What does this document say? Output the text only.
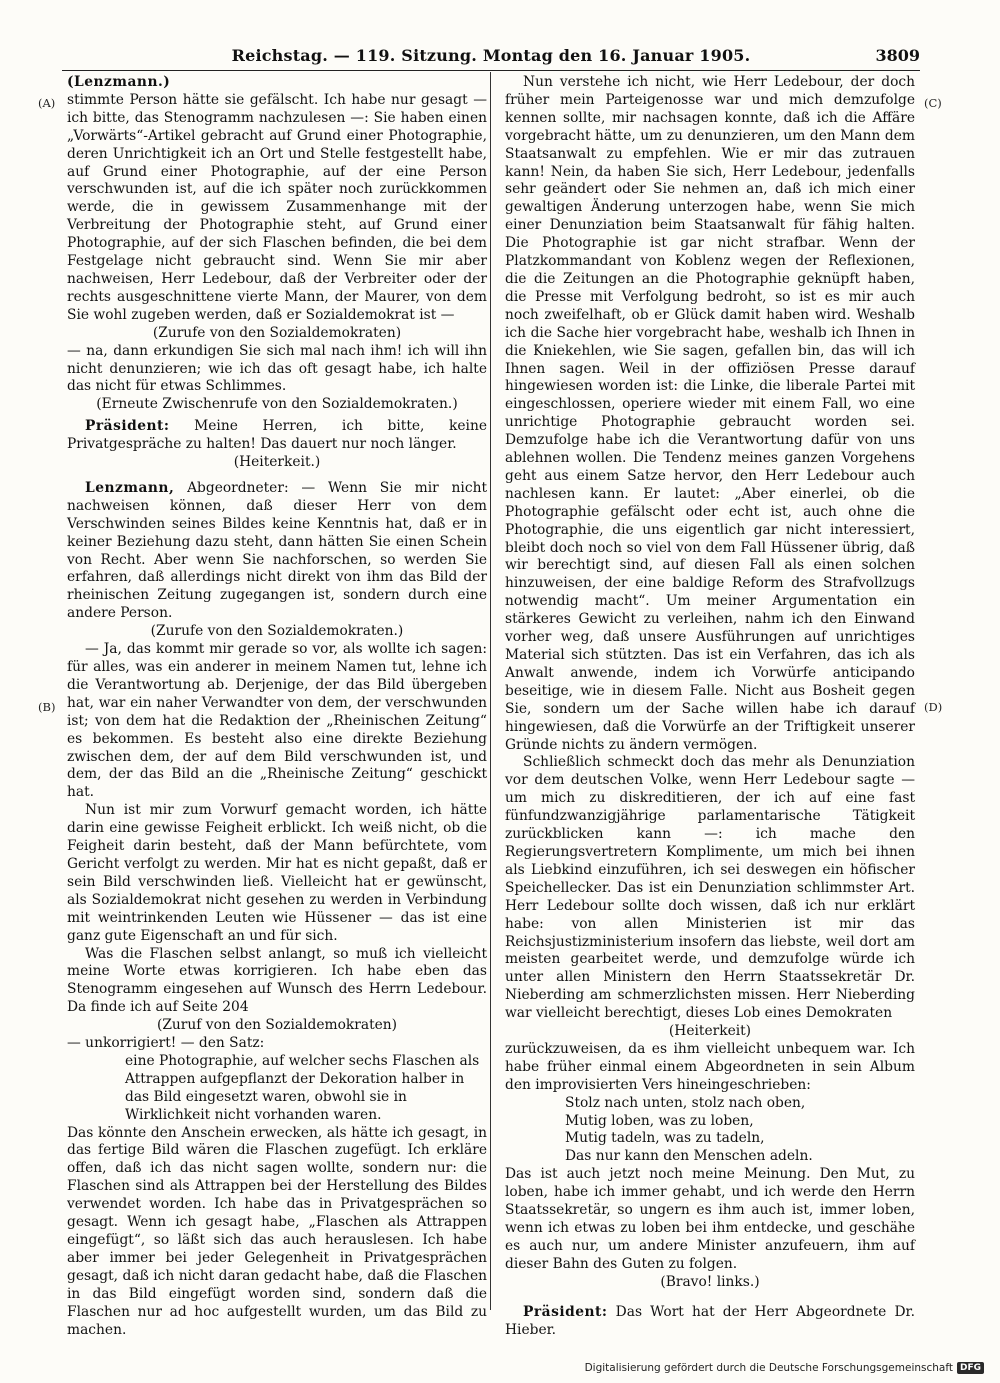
Reichstag. — 119. Sitzung. Montag den 16. Januar 1905.	3809
(A)
(B)
(C)
(D)

(Lenzmann.)

stimmte Person hätte sie gefälscht. Ich habe nur gesagt — ich bitte, das Stenogramm nachzulesen —: Sie haben einen „Vorwärts“-Artikel gebracht auf Grund einer Photographie, deren Unrichtigkeit ich an Ort und Stelle festgestellt habe, auf Grund einer Photographie, auf der eine Person verschwunden ist, auf die ich später noch zurückkommen werde, die in gewissem Zusammenhange mit der Verbreitung der Photographie steht, auf Grund einer Photographie, auf der sich Flaschen befinden, die bei dem Festgelage nicht gebraucht sind. Wenn Sie mir aber nachweisen, Herr Ledebour, daß der Verbreiter oder der rechts ausgeschnittene vierte Mann, der Maurer, von dem Sie wohl zugeben werden, daß er Sozialdemokrat ist —

(Zurufe von den Sozialdemokraten)

— na, dann erkundigen Sie sich mal nach ihm! ich will ihn nicht denunzieren; wie ich das oft gesagt habe, ich halte das nicht für etwas Schlimmes.

(Erneute Zwischenrufe von den Sozialdemokraten.)

Präsident: Meine Herren, ich bitte, keine Privatgespräche zu halten! Das dauert nur noch länger.

(Heiterkeit.)

Lenzmann, Abgeordneter: — Wenn Sie mir nicht nachweisen können, daß dieser Herr von dem Verschwinden seines Bildes keine Kenntnis hat, daß er in keiner Beziehung dazu steht, dann hätten Sie einen Schein von Recht. Aber wenn Sie nachforschen, so werden Sie erfahren, daß allerdings nicht direkt von ihm das Bild der rheinischen Zeitung zugegangen ist, sondern durch eine andere Person.

(Zurufe von den Sozialdemokraten.)

— Ja, das kommt mir gerade so vor, als wollte ich sagen: für alles, was ein anderer in meinem Namen tut, lehne ich die Verantwortung ab. Derjenige, der das Bild übergeben hat, war ein naher Verwandter von dem, der verschwunden ist; von dem hat die Redaktion der „Rheinischen Zeitung“ es bekommen. Es besteht also eine direkte Beziehung zwischen dem, der auf dem Bild verschwunden ist, und dem, der das Bild an die „Rheinische Zeitung“ geschickt hat.

Nun ist mir zum Vorwurf gemacht worden, ich hätte darin eine gewisse Feigheit erblickt. Ich weiß nicht, ob die Feigheit darin besteht, daß der Mann befürchtete, vom Gericht verfolgt zu werden. Mir hat es nicht gepaßt, daß er sein Bild verschwinden ließ. Vielleicht hat er gewünscht, als Sozialdemokrat nicht gesehen zu werden in Verbindung mit weintrinkenden Leuten wie Hüssener — das ist eine ganz gute Eigenschaft an und für sich.

Was die Flaschen selbst anlangt, so muß ich vielleicht meine Worte etwas korrigieren. Ich habe eben das Stenogramm eingesehen auf Wunsch des Herrn Ledebour. Da finde ich auf Seite 204

(Zuruf von den Sozialdemokraten)

— unkorrigiert! — den Satz:

eine Photographie, auf welcher sechs Flaschen als Attrappen aufgepflanzt der Dekoration halber in das Bild eingesetzt waren, obwohl sie in Wirklichkeit nicht vorhanden waren.

Das könnte den Anschein erwecken, als hätte ich gesagt, in das fertige Bild wären die Flaschen zugefügt. Ich erkläre offen, daß ich das nicht sagen wollte, sondern nur: die Flaschen sind als Attrappen bei der Herstellung des Bildes verwendet worden. Ich habe das in Privatgesprächen so gesagt. Wenn ich gesagt habe, „Flaschen als Attrappen eingefügt“, so läßt sich das auch herauslesen. Ich habe aber immer bei jeder Gelegenheit in Privatgesprächen gesagt, daß ich nicht daran gedacht habe, daß die Flaschen in das Bild eingefügt worden sind, sondern daß die Flaschen nur ad hoc aufgestellt wurden, um das Bild zu machen.

Nun verstehe ich nicht, wie Herr Ledebour, der doch früher mein Parteigenosse war und mich demzufolge kennen sollte, mir nachsagen konnte, daß ich die Affäre vorgebracht hätte, um zu denunzieren, um den Mann dem Staatsanwalt zu empfehlen. Wie er mir das zutrauen kann! Nein, da haben Sie sich, Herr Ledebour, jedenfalls sehr geändert oder Sie nehmen an, daß ich mich einer gewaltigen Änderung unterzogen habe, wenn Sie mich einer Denunziation beim Staatsanwalt für fähig halten. Die Photographie ist gar nicht strafbar. Wenn der Platzkommandant von Koblenz wegen der Reflexionen, die die Zeitungen an die Photographie geknüpft haben, die Presse mit Verfolgung bedroht, so ist es mir auch noch zweifelhaft, ob er Glück damit haben wird. Weshalb ich die Sache hier vorgebracht habe, weshalb ich Ihnen in die Kniekehlen, wie Sie sagen, gefallen bin, das will ich Ihnen sagen. Weil in der offiziösen Presse darauf hingewiesen worden ist: die Linke, die liberale Partei mit eingeschlossen, operiere wieder mit einem Fall, wo eine unrichtige Photographie gebraucht worden sei. Demzufolge habe ich die Verantwortung dafür von uns ablehnen wollen. Die Tendenz meines ganzen Vorgehens geht aus einem Satze hervor, den Herr Ledebour auch nachlesen kann. Er lautet: „Aber einerlei, ob die Photographie gefälscht oder echt ist, auch ohne die Photographie, die uns eigentlich gar nicht interessiert, bleibt doch noch so viel von dem Fall Hüssener übrig, daß wir berechtigt sind, auf diesen Fall als einen solchen hinzuweisen, der eine baldige Reform des Strafvollzugs notwendig macht“. Um meiner Argumentation ein stärkeres Gewicht zu verleihen, nahm ich den Einwand vorher weg, daß unsere Ausführungen auf unrichtiges Material sich stützten. Das ist ein Verfahren, das ich als Anwalt anwende, indem ich Vorwürfe anticipando beseitige, wie in diesem Falle. Nicht aus Bosheit gegen Sie, sondern um der Sache willen habe ich darauf hingewiesen, daß die Vorwürfe an der Triftigkeit unserer Gründe nichts zu ändern vermögen.

Schließlich schmeckt doch das mehr als Denunziation vor dem deutschen Volke, wenn Herr Ledebour sagte — um mich zu diskreditieren, der ich auf eine fast fünfundzwanzigjährige parlamentarische Tätigkeit zurückblicken kann —: ich mache den Regierungsvertretern Komplimente, um mich bei ihnen als Liebkind einzuführen, ich sei deswegen ein höfischer Speichellecker. Das ist ein Denunziation schlimmster Art. Herr Ledebour sollte doch wissen, daß ich nur erklärt habe: von allen Ministerien ist mir das Reichsjustizministerium insofern das liebste, weil dort am meisten gearbeitet werde, und demzufolge würde ich unter allen Ministern den Herrn Staatssekretär Dr. Nieberding am schmerzlichsten missen. Herr Nieberding war vielleicht berechtigt, dieses Lob eines Demokraten

(Heiterkeit)

zurückzuweisen, da es ihm vielleicht unbequem war. Ich habe früher einmal einem Abgeordneten in sein Album den improvisierten Vers hineingeschrieben:

Stolz nach unten, stolz nach oben,

Mutig loben, was zu loben,

Mutig tadeln, was zu tadeln,

Das nur kann den Menschen adeln.

Das ist auch jetzt noch meine Meinung. Den Mut, zu loben, habe ich immer gehabt, und ich werde den Herrn Staatssekretär, so ungern es ihm auch ist, immer loben, wenn ich etwas zu loben bei ihm entdecke, und geschähe es auch nur, um andere Minister anzufeuern, ihm auf dieser Bahn des Guten zu folgen.

(Bravo! links.)

Präsident: Das Wort hat der Herr Abgeordnete Dr. Hieber.

Digitalisierung gefördert durch die Deutsche Forschungsgemeinschaft DFG
